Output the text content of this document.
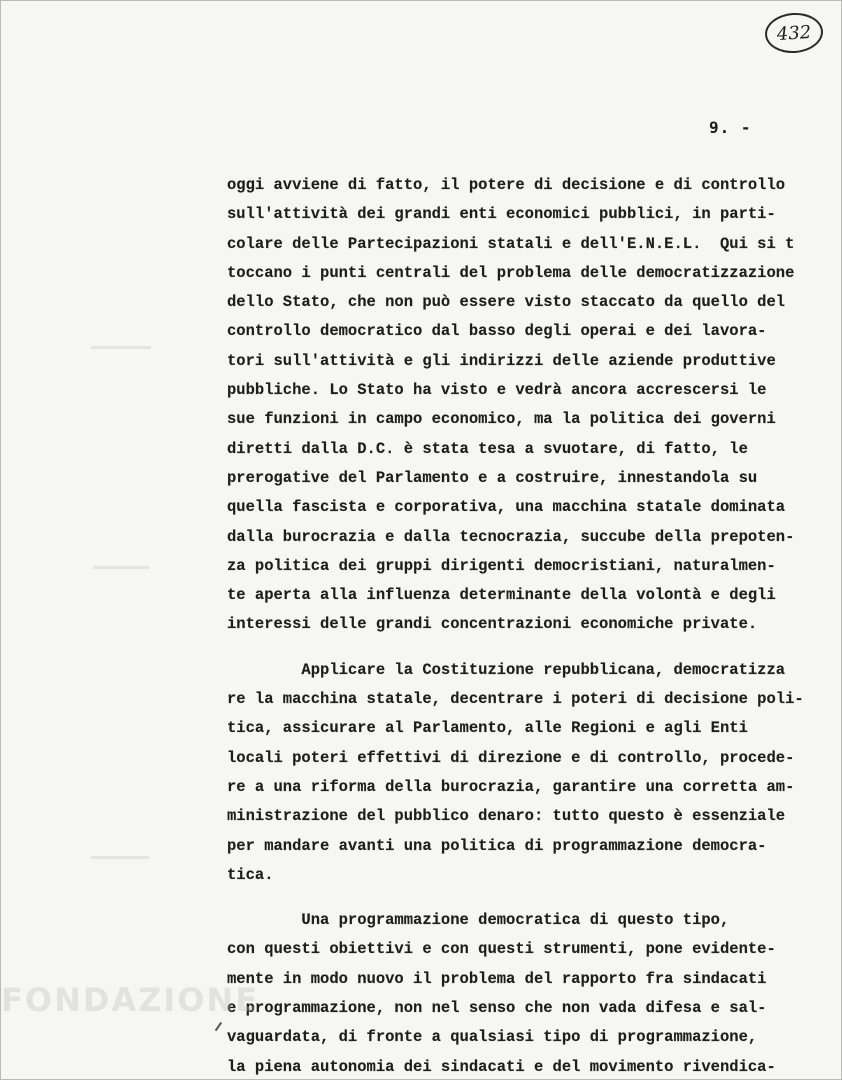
432
9. -
oggi avviene di fatto, il potere di decisione e di controllo
sull'attività dei grandi enti economici pubblici, in parti-
colare delle Partecipazioni statali e dell'E.N.E.L.  Qui si t
toccano i punti centrali del problema delle democratizzazione
dello Stato, che non può essere visto staccato da quello del
controllo democratico dal basso degli operai e dei lavora-
tori sull'attività e gli indirizzi delle aziende produttive
pubbliche. Lo Stato ha visto e vedrà ancora accrescersi le
sue funzioni in campo economico, ma la politica dei governi
diretti dalla D.C. è stata tesa a svuotare, di fatto, le
prerogative del Parlamento e a costruire, innestandola su
quella fascista e corporativa, una macchina statale dominata
dalla burocrazia e dalla tecnocrazia, succube della prepoten-
za politica dei gruppi dirigenti democristiani, naturalmen-
te aperta alla influenza determinante della volontà e degli
interessi delle grandi concentrazioni economiche private.
Applicare la Costituzione repubblicana, democratizza
re la macchina statale, decentrare i poteri di decisione poli-
tica, assicurare al Parlamento, alle Regioni e agli Enti
locali poteri effettivi di direzione e di controllo, procede-
re a una riforma della burocrazia, garantire una corretta am-
ministrazione del pubblico denaro: tutto questo è essenziale
per mandare avanti una politica di programmazione democra-
tica.
Una programmazione democratica di questo tipo,
con questi obiettivi e con questi strumenti, pone evidente-
mente in modo nuovo il problema del rapporto fra sindacati
e programmazione, non nel senso che non vada difesa e sal-
vaguardata, di fronte a qualsiasi tipo di programmazione,
la piena autonomia dei sindacati e del movimento rivendica-
FONDAZIONE
